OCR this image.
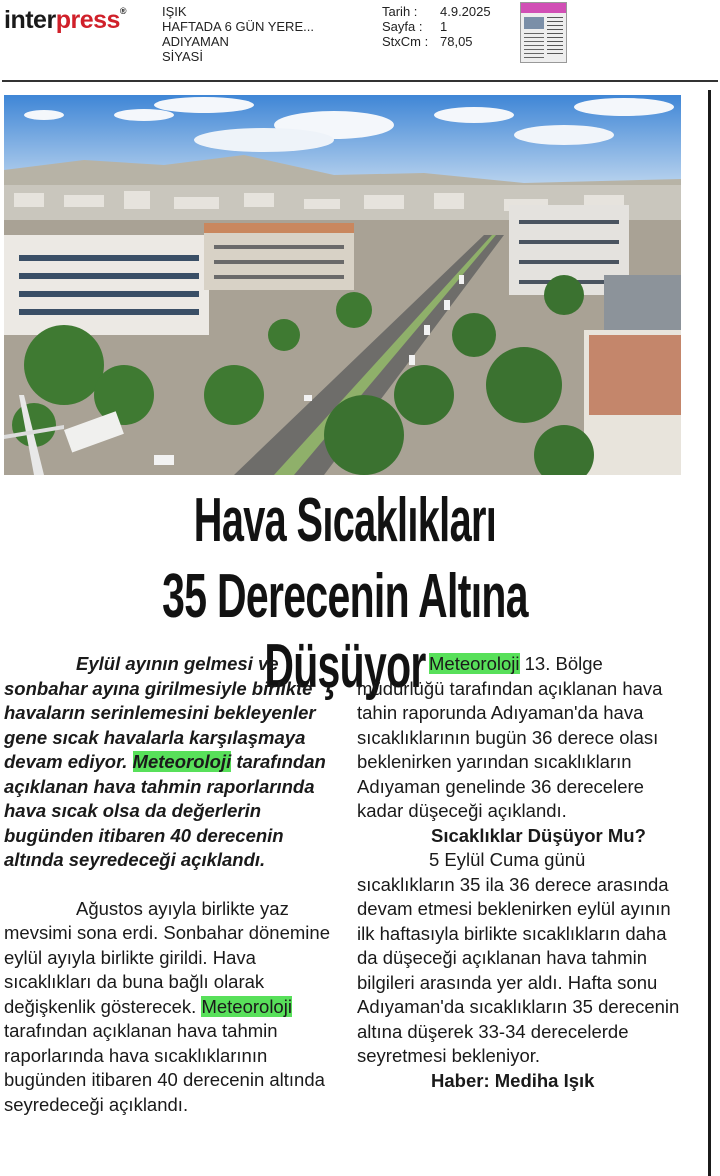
interpress®	IŞIK
HAFTADA 6 GÜN YERE...
ADIYAMAN
SİYASİ
Tarih :	4.9.2025
Sayfa :	1
StxCm : 78,05
Hava Sıcaklıkları
35 Derecenin Altına Düşüyor
Eylül ayının gelmesi ve sonbahar ayına girilmesiyle birlikte havaların serinlemesini bekleyenler gene sıcak havalarla karşılaşmaya devam ediyor. Meteoroloji tarafından açıklanan hava tahmin raporlarında hava sıcak olsa da değerlerin bugünden itibaren 40 derecenin altında seyredeceği açıklandı.
Ağustos ayıyla birlikte yaz mevsimi sona erdi. Sonbahar dönemine eylül ayıyla birlikte girildi. Hava sıcaklıkları da buna bağlı olarak değişkenlik gösterecek. Meteoroloji tarafından açıklanan hava tahmin raporlarında hava sıcaklıklarının bugünden itibaren 40 derecenin altında seyredeceği açıklandı.
Meteoroloji 13. Bölge müdürlüğü tarafından açıklanan hava tahin raporunda Adıyaman'da hava sıcaklıklarının bugün 36 derece olası beklenirken yarından sıcaklıkların Adıyaman genelinde 36 derecelere kadar düşeceği açıklandı.
Sıcaklıklar Düşüyor Mu?
5 Eylül Cuma günü sıcaklıkların 35 ila 36 derece arasında devam etmesi beklenirken eylül ayının ilk haftasıyla birlikte sıcaklıkların daha da düşeceği açıklanan hava tahmin bilgileri arasında yer aldı. Hafta sonu Adıyaman'da sıcaklıkların 35 derecenin altına düşerek 33-34 derecelerde seyretmesi bekleniyor.
Haber: Mediha Işık
